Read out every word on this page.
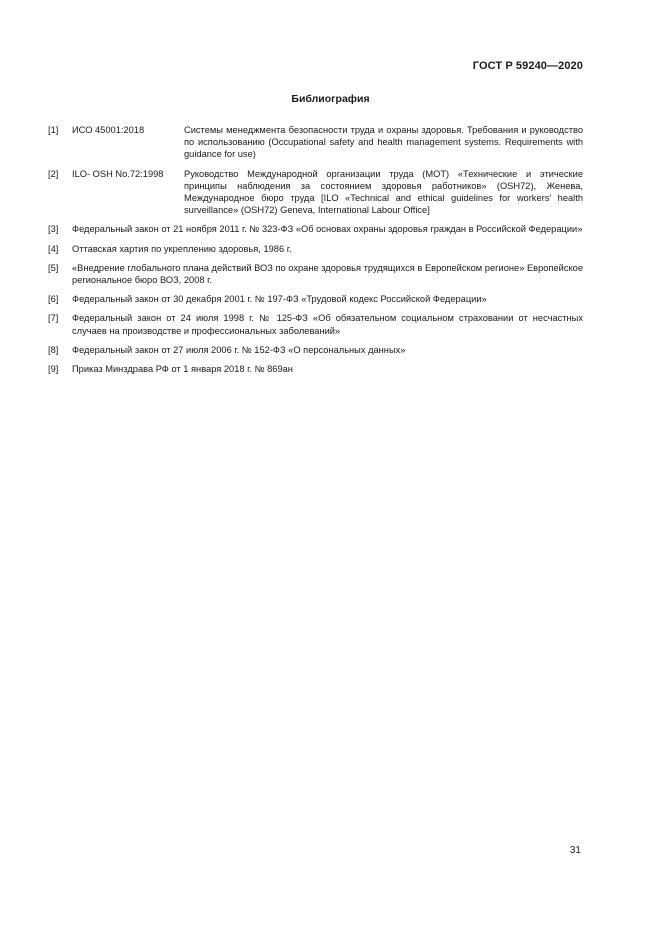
ГОСТ Р 59240—2020
Библиография
[1]	ИСО 45001:2018	Системы менеджмента безопасности труда и охраны здоровья. Требования и руководство по использованию (Occupational safety and health management systems. Requirements with guidance for use)
[2]	ILO- OSH No.72:1998	Руководство Международной организации труда (МОТ) «Технические и этические принципы наблюдения за состоянием здоровья работников» (OSH72), Женева, Международное бюро труда [ILO «Technical and ethical guidelines for workers' health surveillance» (OSH72) Geneva, International Labour Office]
[3]	Федеральный закон от 21 ноября 2011 г. № 323-ФЗ «Об основах охраны здоровья граждан в Российской Федерации»
[4]	Оттавская хартия по укреплению здоровья, 1986 г.
[5]	«Внедрение глобального плана действий ВОЗ по охране здоровья трудящихся в Европейском регионе» Европейское региональное бюро ВОЗ, 2008 г.
[6]	Федеральный закон от 30 декабря 2001 г. № 197-ФЗ «Трудовой кодекс Российской Федерации»
[7]	Федеральный закон от 24 июля 1998 г. № 125-ФЗ «Об обязательном социальном страховании от несчастных случаев на производстве и профессиональных заболеваний»
[8]	Федеральный закон от 27 июля 2006 г. № 152-ФЗ «О персональных данных»
[9]	Приказ Минздрава РФ от 1 января 2018 г. № 869ан
31
